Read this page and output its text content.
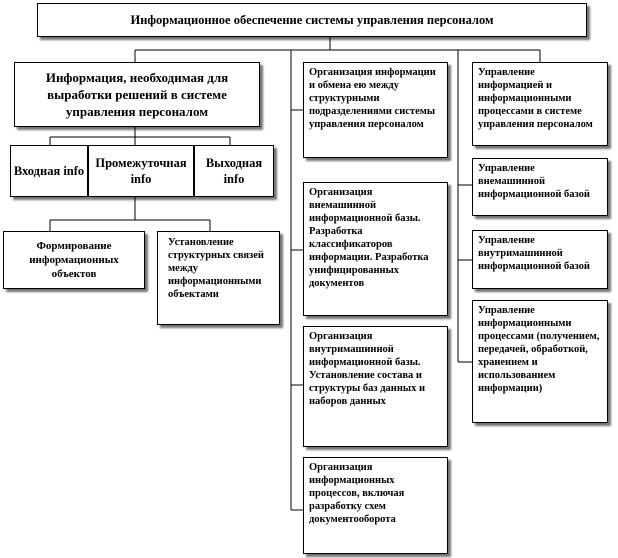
Информационное обеспечение системы управления персоналом
Информация, необходимая для выработки решений в системе управления персоналом
Входная info
Промежуточная info
Выходная info
Формирование информационных объектов
Установление структурных связей между информационными объектами
Организация информации и обмена ею между структурными подразделениями системы управления персоналом
Организация внемашинной информационной базы. Разработка классификаторов информации. Разработка унифицированных документов
Организация внутримашинной информационной базы. Установление состава и структуры баз данных и наборов данных
Организация информационных процессов, включая разработку схем документооборота
Управление информацией и информационными процессами в системе управления персоналом
Управление внемашинной информационной базой
Управление внутримашинной информационной базой
Управление информационными процессами (получением, передачей, обработкой, хранением и использованием информации)
